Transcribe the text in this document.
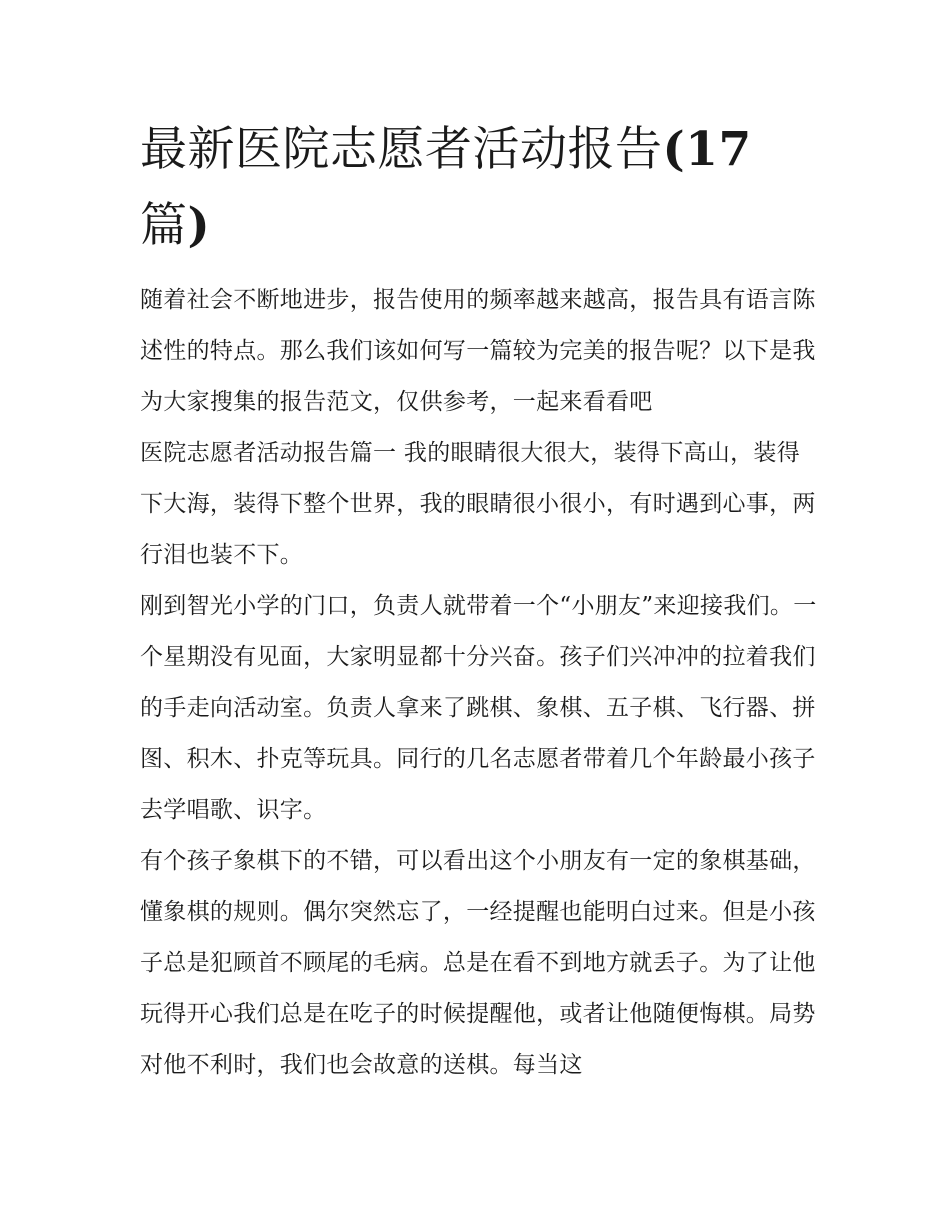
最新医院志愿者活动报告(17
篇)

随着社会不断地进步，报告使用的频率越来越高，报告具有语言陈述性的特点。那么我们该如何写一篇较为完美的报告呢？以下是我为大家搜集的报告范文，仅供参考，一起来看看吧

医院志愿者活动报告篇一 我的眼睛很大很大，装得下高山，装得下大海，装得下整个世界，我的眼睛很小很小，有时遇到心事，两行泪也装不下。

刚到智光小学的门口，负责人就带着一个“小朋友”来迎接我们。一个星期没有见面，大家明显都十分兴奋。孩子们兴冲冲的拉着我们的手走向活动室。负责人拿来了跳棋、象棋、五子棋、飞行器、拼图、积木、扑克等玩具。同行的几名志愿者带着几个年龄最小孩子去学唱歌、识字。

有个孩子象棋下的不错，可以看出这个小朋友有一定的象棋基础，懂象棋的规则。偶尔突然忘了，一经提醒也能明白过来。但是小孩子总是犯顾首不顾尾的毛病。总是在看不到地方就丢子。为了让他玩得开心我们总是在吃子的时候提醒他，或者让他随便悔棋。局势对他不利时，我们也会故意的送棋。每当这
